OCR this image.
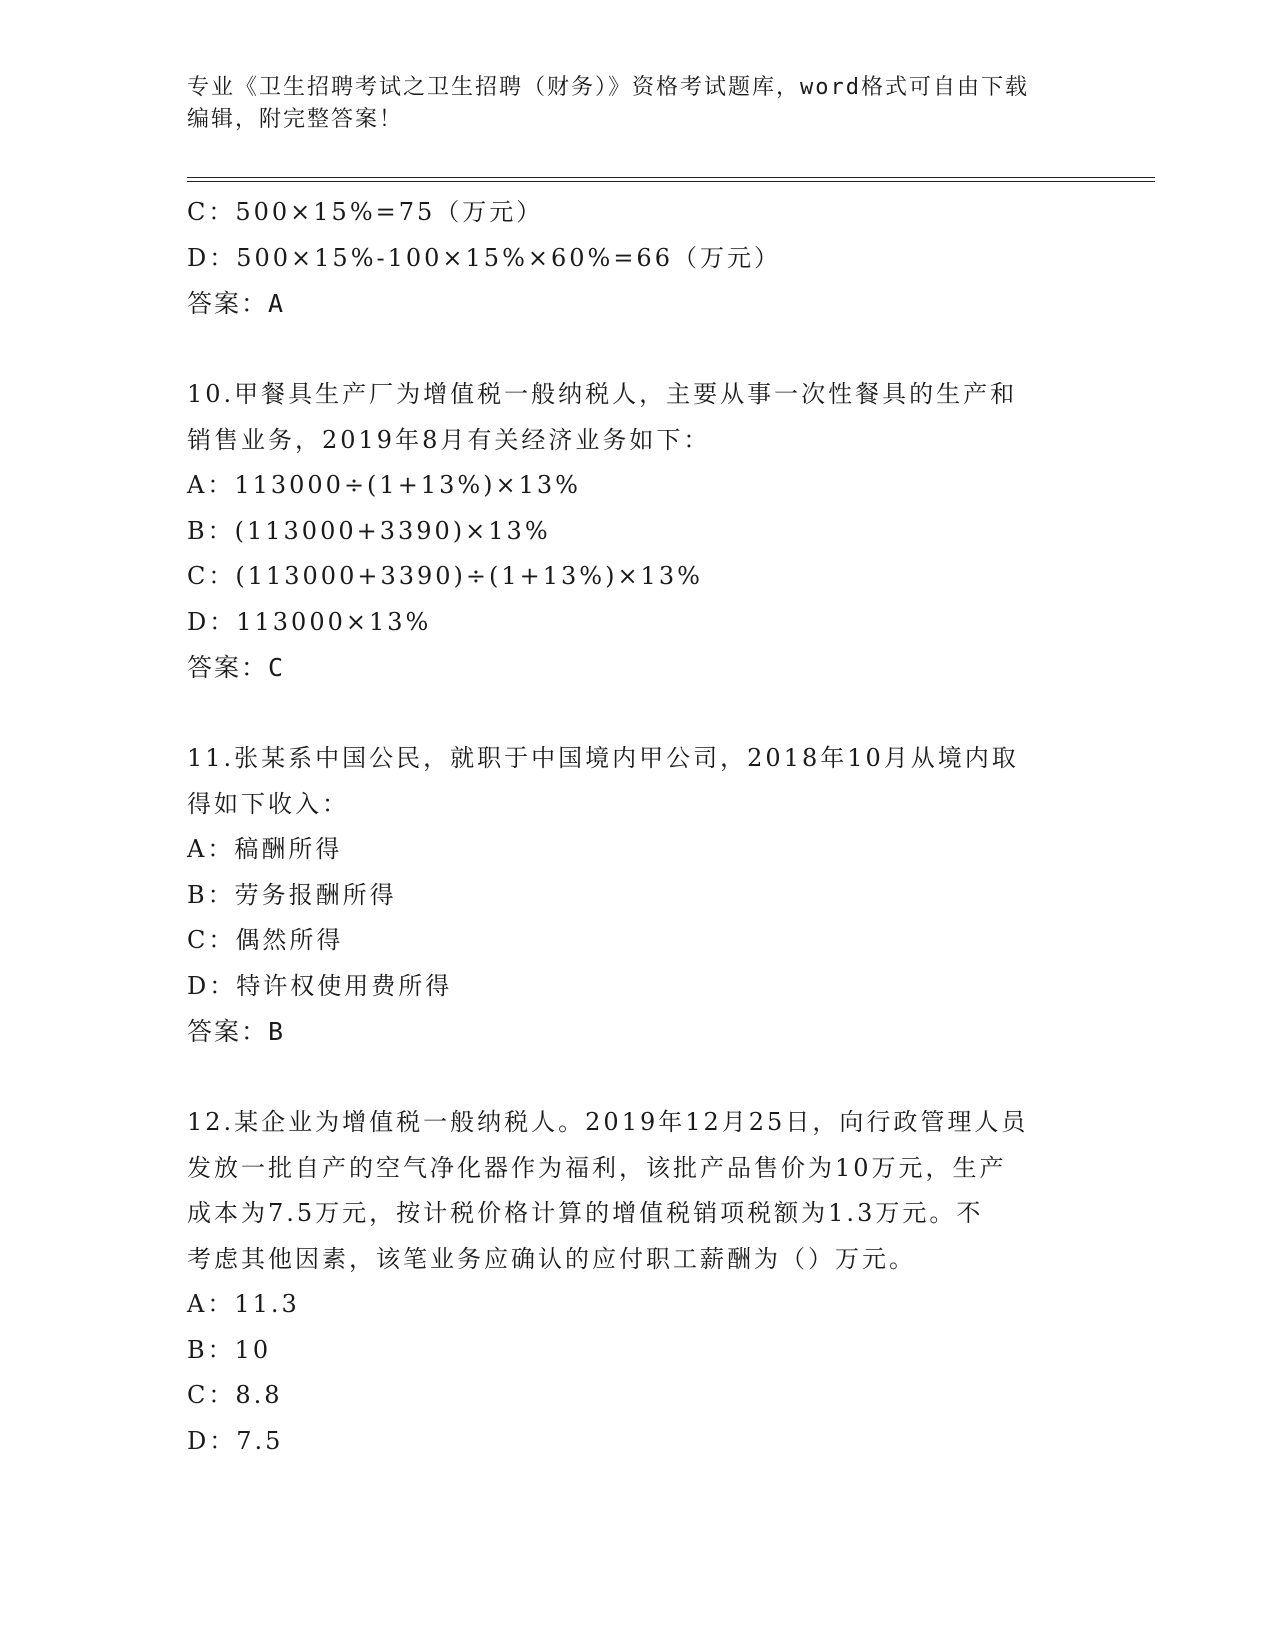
专业《卫生招聘考试之卫生招聘（财务）》资格考试题库，word格式可自由下载
编辑，附完整答案！
C：500×15%=75（万元）
D：500×15%-100×15%×60%=66（万元）
答案：A
10.甲餐具生产厂为增值税一般纳税人，主要从事一次性餐具的生产和
销售业务，2019年8月有关经济业务如下：
A：113000÷(1+13%)×13%
B：(113000+3390)×13%
C：(113000+3390)÷(1+13%)×13%
D：113000×13%
答案：C
11.张某系中国公民，就职于中国境内甲公司，2018年10月从境内取
得如下收入：
A：稿酬所得
B：劳务报酬所得
C：偶然所得
D：特许权使用费所得
答案：B
12.某企业为增值税一般纳税人。2019年12月25日，向行政管理人员
发放一批自产的空气净化器作为福利，该批产品售价为10万元，生产
成本为7.5万元，按计税价格计算的增值税销项税额为1.3万元。不
考虑其他因素，该笔业务应确认的应付职工薪酬为（）万元。
A：11.3
B：10
C：8.8
D：7.5
